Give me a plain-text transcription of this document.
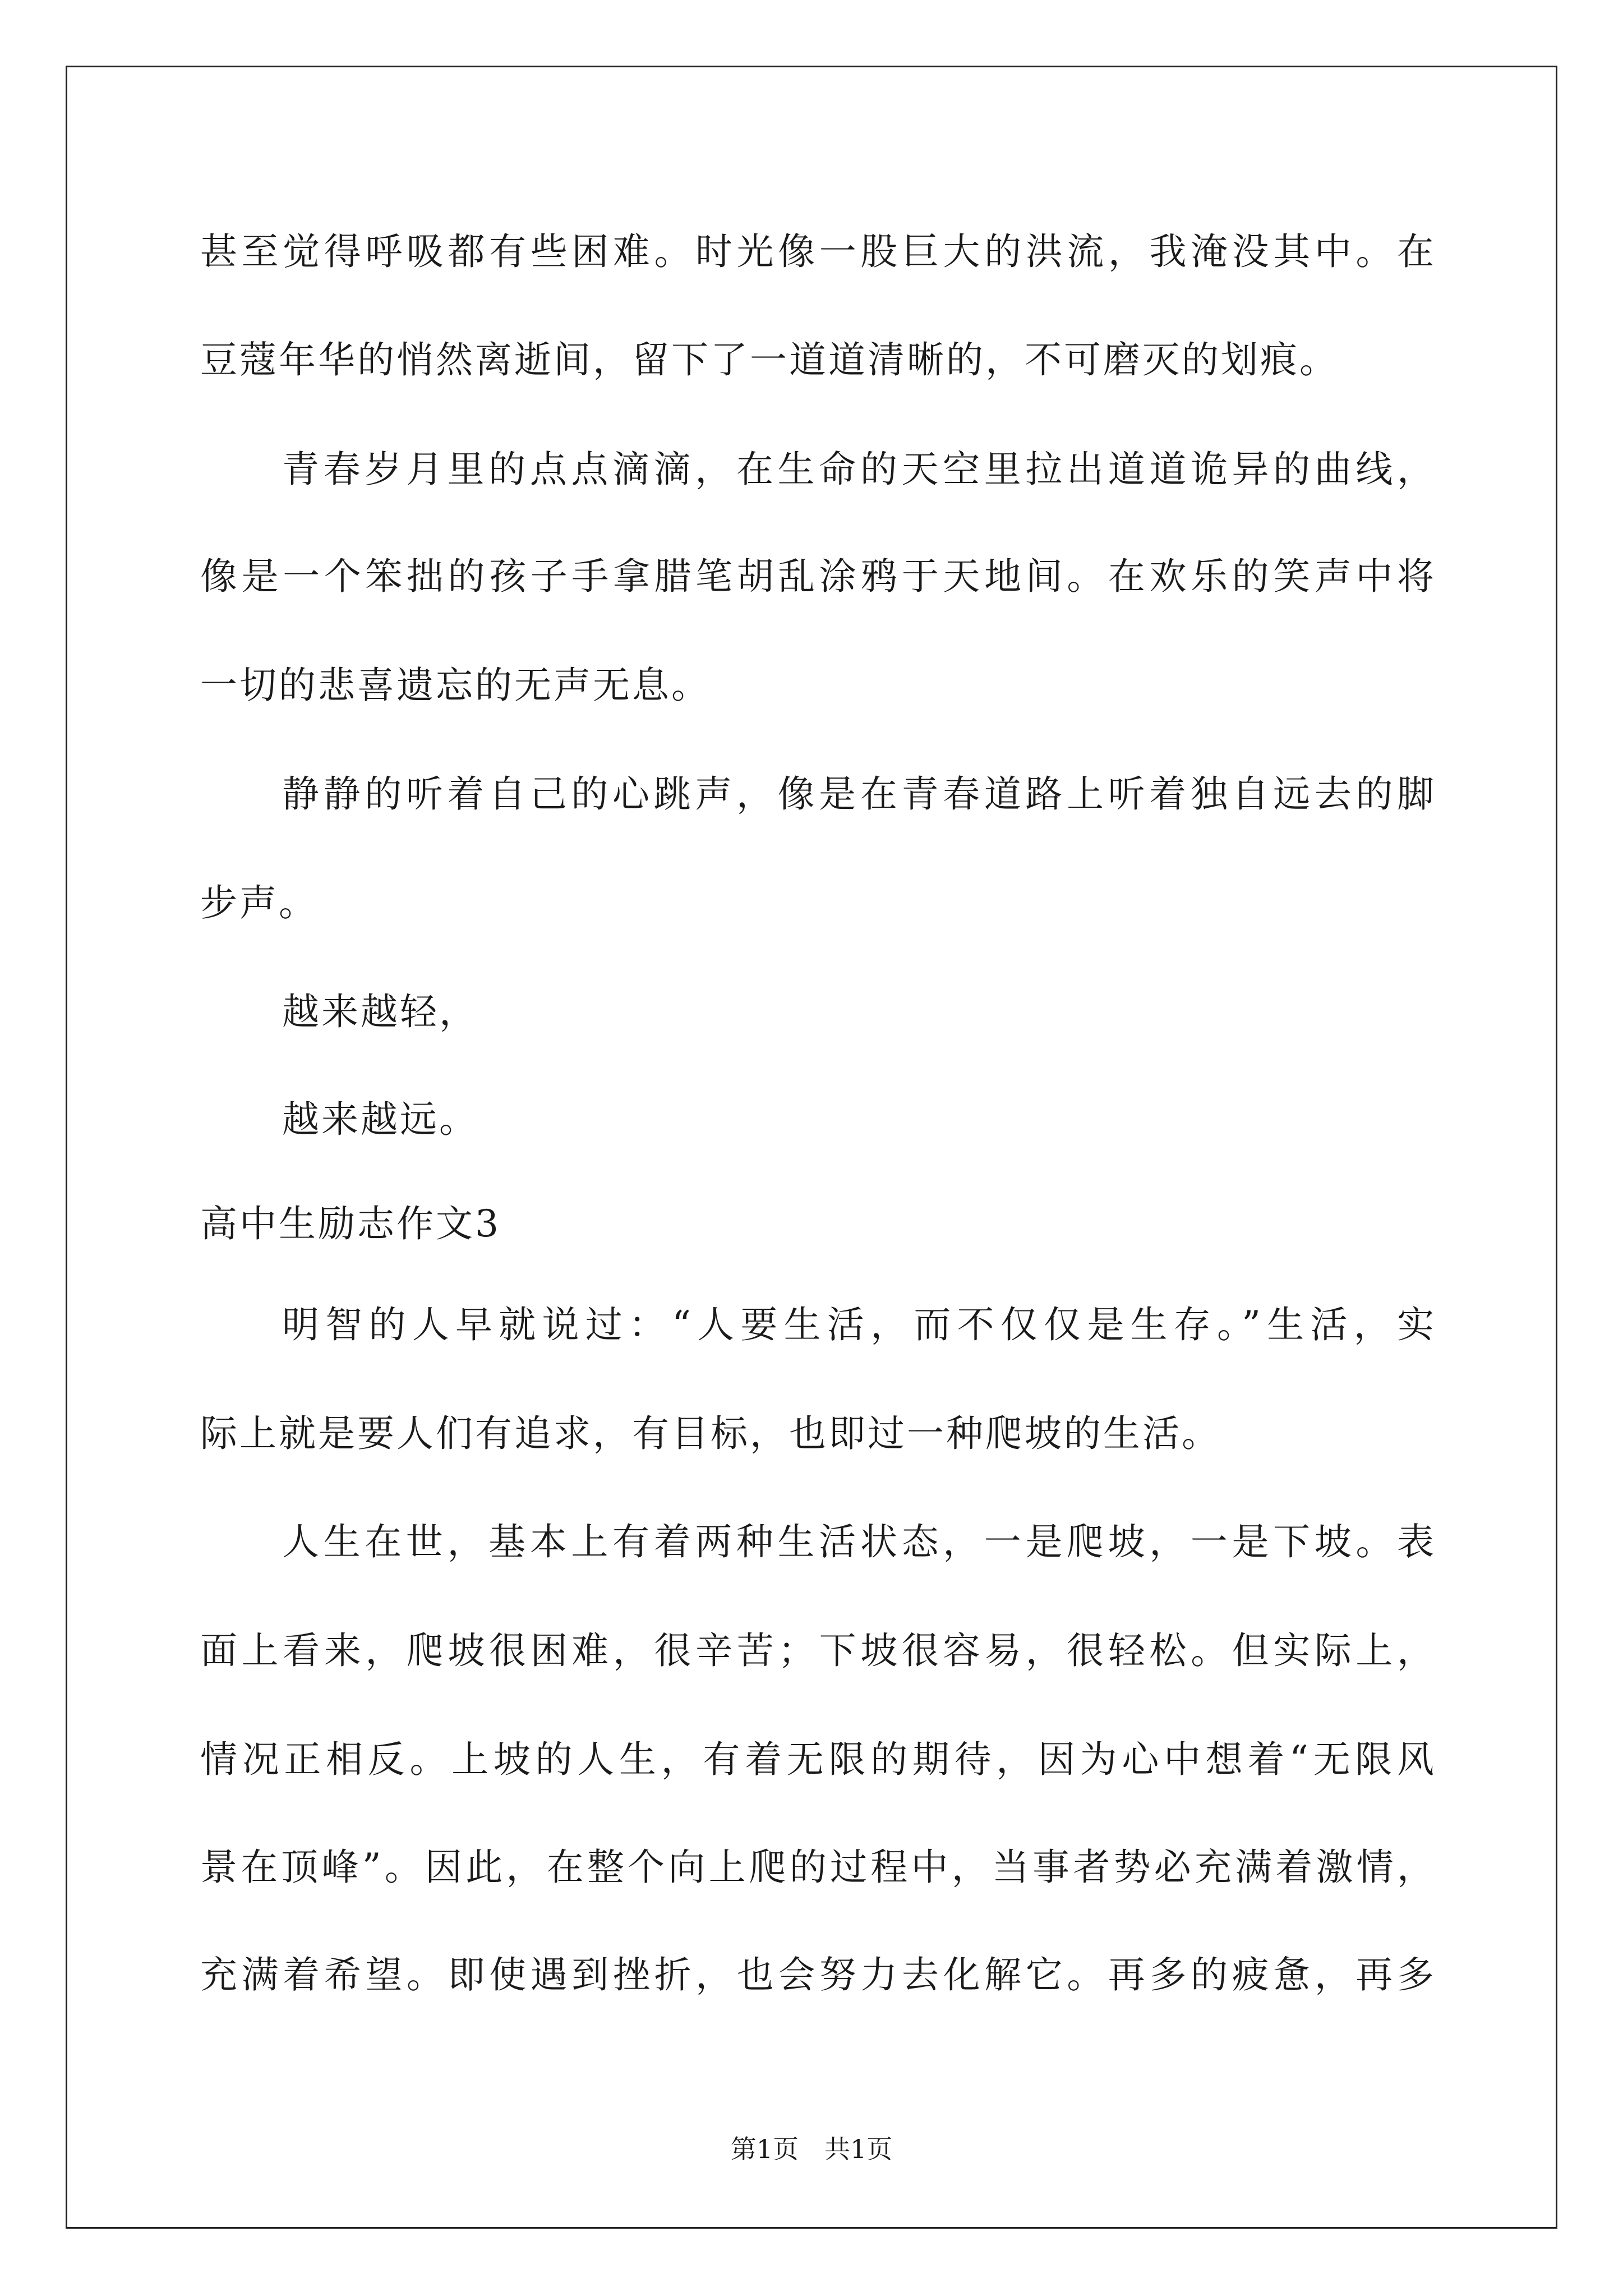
甚至觉得呼吸都有些困难。时光像一股巨大的洪流，我淹没其中。在
豆蔻年华的悄然离逝间，留下了一道道清晰的，不可磨灭的划痕。
青春岁月里的点点滴滴，在生命的天空里拉出道道诡异的曲线，
像是一个笨拙的孩子手拿腊笔胡乱涂鸦于天地间。在欢乐的笑声中将
一切的悲喜遗忘的无声无息。
静静的听着自己的心跳声，像是在青春道路上听着独自远去的脚
步声。
越来越轻，
越来越远。
高中生励志作文3
明智的人早就说过：“人要生活，而不仅仅是生存。”生活，实
际上就是要人们有追求，有目标，也即过一种爬坡的生活。
人生在世，基本上有着两种生活状态，一是爬坡，一是下坡。表
面上看来，爬坡很困难，很辛苦；下坡很容易，很轻松。但实际上，
情况正相反。上坡的人生，有着无限的期待，因为心中想着“无限风
景在顶峰”。因此，在整个向上爬的过程中，当事者势必充满着激情，
充满着希望。即使遇到挫折，也会努力去化解它。再多的疲惫，再多
第1页　共1页
